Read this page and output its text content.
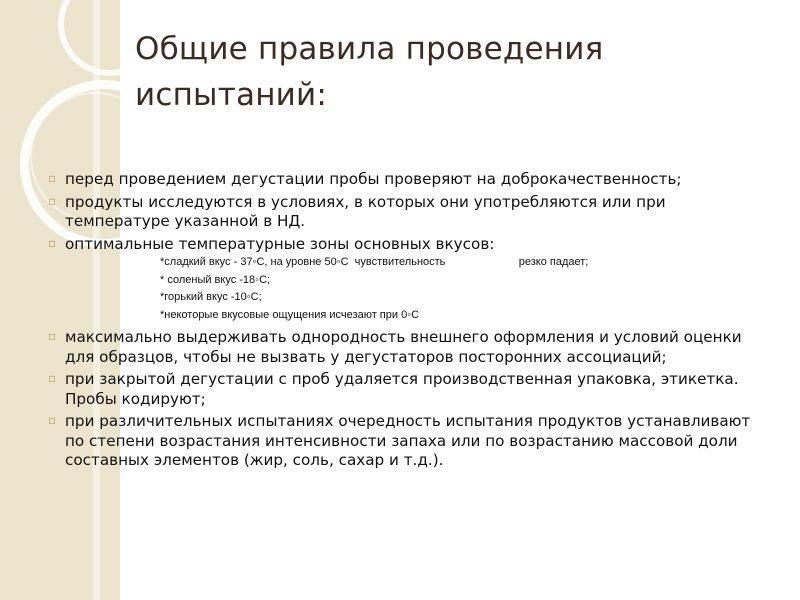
Общие правила проведения испытаний:
▫ перед проведением дегустации пробы проверяют на доброкачественность;
▫ продукты исследуются в условиях, в которых они употребляются или при температуре указанной в НД.
▫ оптимальные температурные зоны основных вкусов:
*сладкий вкус - 37◦С, на уровне 50◦С  чувствительность                        резко падает;
* соленый вкус -18◦С;
*горький вкус -10◦С;
*некоторые вкусовые ощущения исчезают при 0◦С
▫ максимально выдерживать однородность внешнего оформления и условий оценки для образцов, чтобы не вызвать у дегустаторов посторонних ассоциаций;
▫ при закрытой дегустации с проб удаляется производственная упаковка, этикетка. Пробы кодируют;
▫ при различительных испытаниях очередность испытания продуктов устанавливают по степени возрастания интенсивности запаха или по возрастанию массовой доли составных элементов (жир, соль, сахар и т.д.).
